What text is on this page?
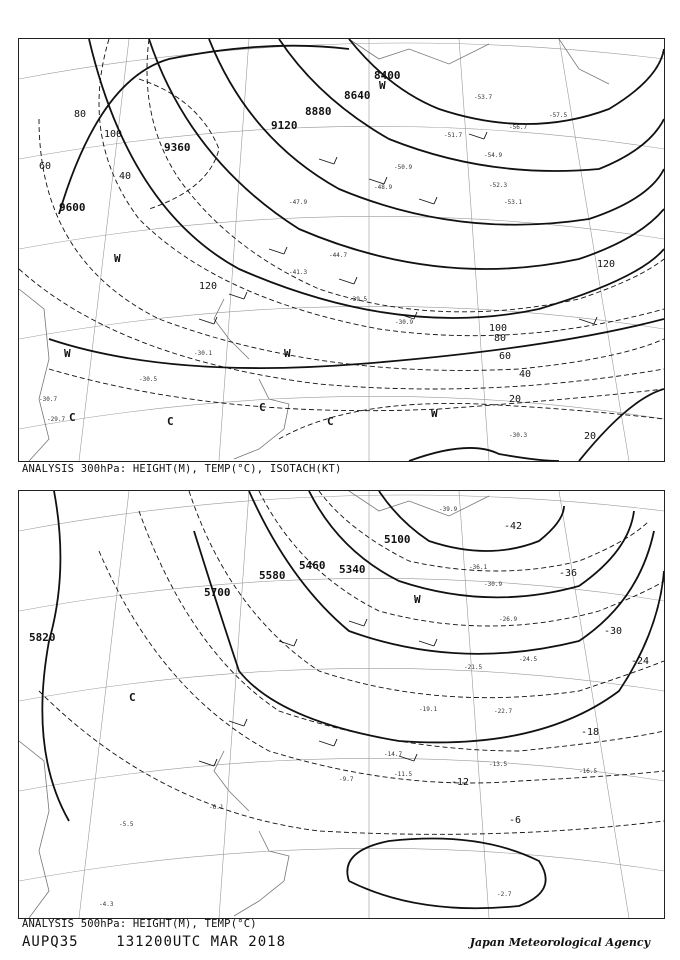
9600
9360
9120
8880
8640
8400
120
100
80
60
40
20
20
40
60
80
100
120
-30.7
-29.7
-30.1
-30.5
-30.9
-39.5
-41.3
-44.7
-47.9
-48.9
-50.9
-51.7
-52.3
-53.1
-53.7
-54.9
-56.7
-57.5
-30.3
W
W	W
W
W
C	C
C
C
ANALYSIS 300hPa: HEIGHT(M), TEMP(°C), ISOTACH(KT)
5820
5700
5580
5460 5340
5100
-6
-12
-18
-24
-30
-36
-42
-4.3
-5.5
-6.1
-9.7
-11.5
-13.5
-14.7
-16.5
-19.1
-21.5
-22.7
-24.5
-26.9
-30.9
-36.1
-39.9
-2.7
C
W
ANALYSIS 500hPa: HEIGHT(M), TEMP(°C)
AUPQ35	131200UTC MAR 2018	Japan Meteorological Agency
